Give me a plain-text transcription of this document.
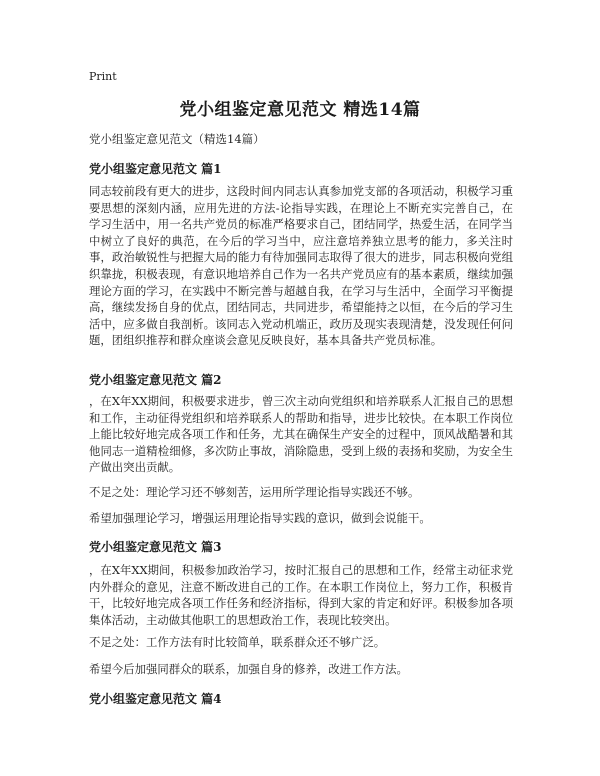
Print
党小组鉴定意见范文 精选14篇
党小组鉴定意见范文（精选14篇）
党小组鉴定意见范文 篇1

同志较前段有更大的进步，这段时间内同志认真参加党支部的各项活动，积极学习重要思想的深刻内涵，应用先进的方法-论指导实践，在理论上不断充实完善自己，在学习生活中，用一名共产党员的标准严格要求自己，团结同学，热爱生活，在同学当中树立了良好的典范，在今后的学习当中，应注意培养独立思考的能力，多关注时事，政治敏锐性与把握大局的能力有待加强同志取得了很大的进步，同志积极向党组织靠拢，积极表现，有意识地培养自己作为一名共产党员应有的基本素质，继续加强理论方面的学习，在实践中不断完善与超越自我，在学习与生活中，全面学习平衡提高，继续发扬自身的优点，团结同志，共同进步，希望能持之以恒，在今后的学习生活中，应多做自我剖析。该同志入党动机端正，政历及现实表现清楚，没发现任何问题，团组织推荐和群众座谈会意见反映良好，基本具备共产党员标准。

党小组鉴定意见范文 篇2

，在X年XX期间，积极要求进步，曾三次主动向党组织和培养联系人汇报自己的思想和工作，主动征得党组织和培养联系人的帮助和指导，进步比较快。在本职工作岗位上能比较好地完成各项工作和任务，尤其在确保生产安全的过程中，顶风战酷暑和其他同志一道精检细修，多次防止事故，消除隐患，受到上级的表扬和奖励，为安全生产做出突出贡献。

不足之处：理论学习还不够刻苦，运用所学理论指导实践还不够。

希望加强理论学习，增强运用理论指导实践的意识，做到会说能干。

党小组鉴定意见范文 篇3

，在X年XX期间，积极参加政治学习，按时汇报自己的思想和工作，经常主动征求党内外群众的意见，注意不断改进自己的工作。在本职工作岗位上，努力工作，积极肯干，比较好地完成各项工作任务和经济指标，得到大家的肯定和好评。积极参加各项集体活动，主动做其他职工的思想政治工作，表现比较突出。

不足之处：工作方法有时比较简单，联系群众还不够广泛。

希望今后加强同群众的联系，加强自身的修养，改进工作方法。

党小组鉴定意见范文 篇4
